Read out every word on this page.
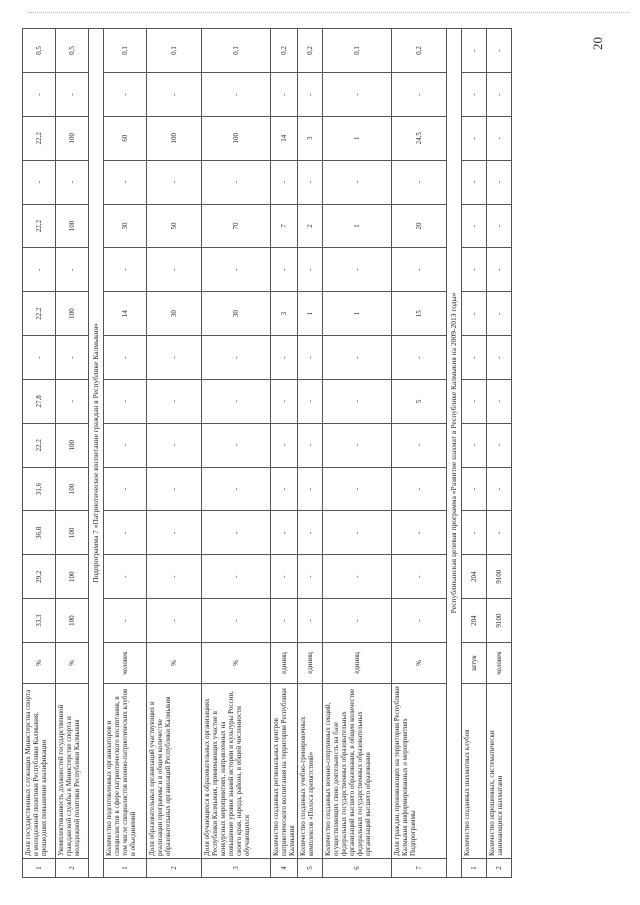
20
1	Доля государственных служащих Министерства спорта и молодежной политики Республики Калмыкия, прошедших повышение квалификации	%	33,3	29,2	36,8	31,6	22,2	27,8	-	22,2	-	22,2	-	22,2	-	0,5
2	Укомплектованность должностей государственной гражданской службы в Министерстве спорта и молодежной политики Республики Калмыкия	%	100	100	100	100	100	-	-	100	-	100	-	100	-	0,5
Подпрограмма 7 «Патриотическое воспитание граждан в Республике Калмыкия»																
1	Количество подготовленных организаторов и специалистов в сфере патриотического воспитания, в том числе специалистов военно-патриотических клубов и объединений	человек	-	-	-	-	-	-	-	14	-	30	-	60	-	0,1
2	Доля образовательных организаций участвующих в реализации программы и в общем количестве образовательных организаций Республики Калмыкия	%	-	-	-	-	-	-	-	30	-	50	-	100	-	0,1
3	Доля обучающихся в образовательных организациях Республики Калмыкия, принимающих участие в конкурсных мероприятиях, направленных на повышение уровня знаний истории и культуры России, своего края, народа, района, в общей численности обучающихся	%	-	-	-	-	-	-	-	30	-	70	-	100	-	0,1
4	Количество созданных региональных центров патриотического воспитания на территории Республики Калмыкия	единиц	-	-	-	-	-	-	-	3	-	7	-	14	-	0,2
5	Количество созданных учебно-тренировочных комплексов «Полоса препятствий»	единиц	-	-	-	-	-	-	-	1	-	2	-	3	-	0,2
6	Количество созданных военно-спортивных секций, осуществляющих свою деятельность на базе федеральных государственных образовательных организаций высшего образования, в общем количестве федеральных государственных образовательных организаций высшего образования	единиц	-	-	-	-	-	-	-	1	-	1	-	1	-	0,1
7	Доля граждан, проживающих на территории Республики Калмыкия информированных о мероприятиях Подпрограммы	%	-	-	-	-	-	5	-	15	-	20	-	24,5	-	0,2
Республиканская целевая программа «Развитие шахмат в Республике Калмыкия на 2009-2013 годы»																
1	Количество созданных шахматных клубов	штук	204	204	-	-	-	-	-	-	-	-	-	-	-	-
2	Количество опрошенных, систематически занимающихся шахматами	человек	9100	9100	-	-	-	-	-	-	-	-	-	-	-	-
